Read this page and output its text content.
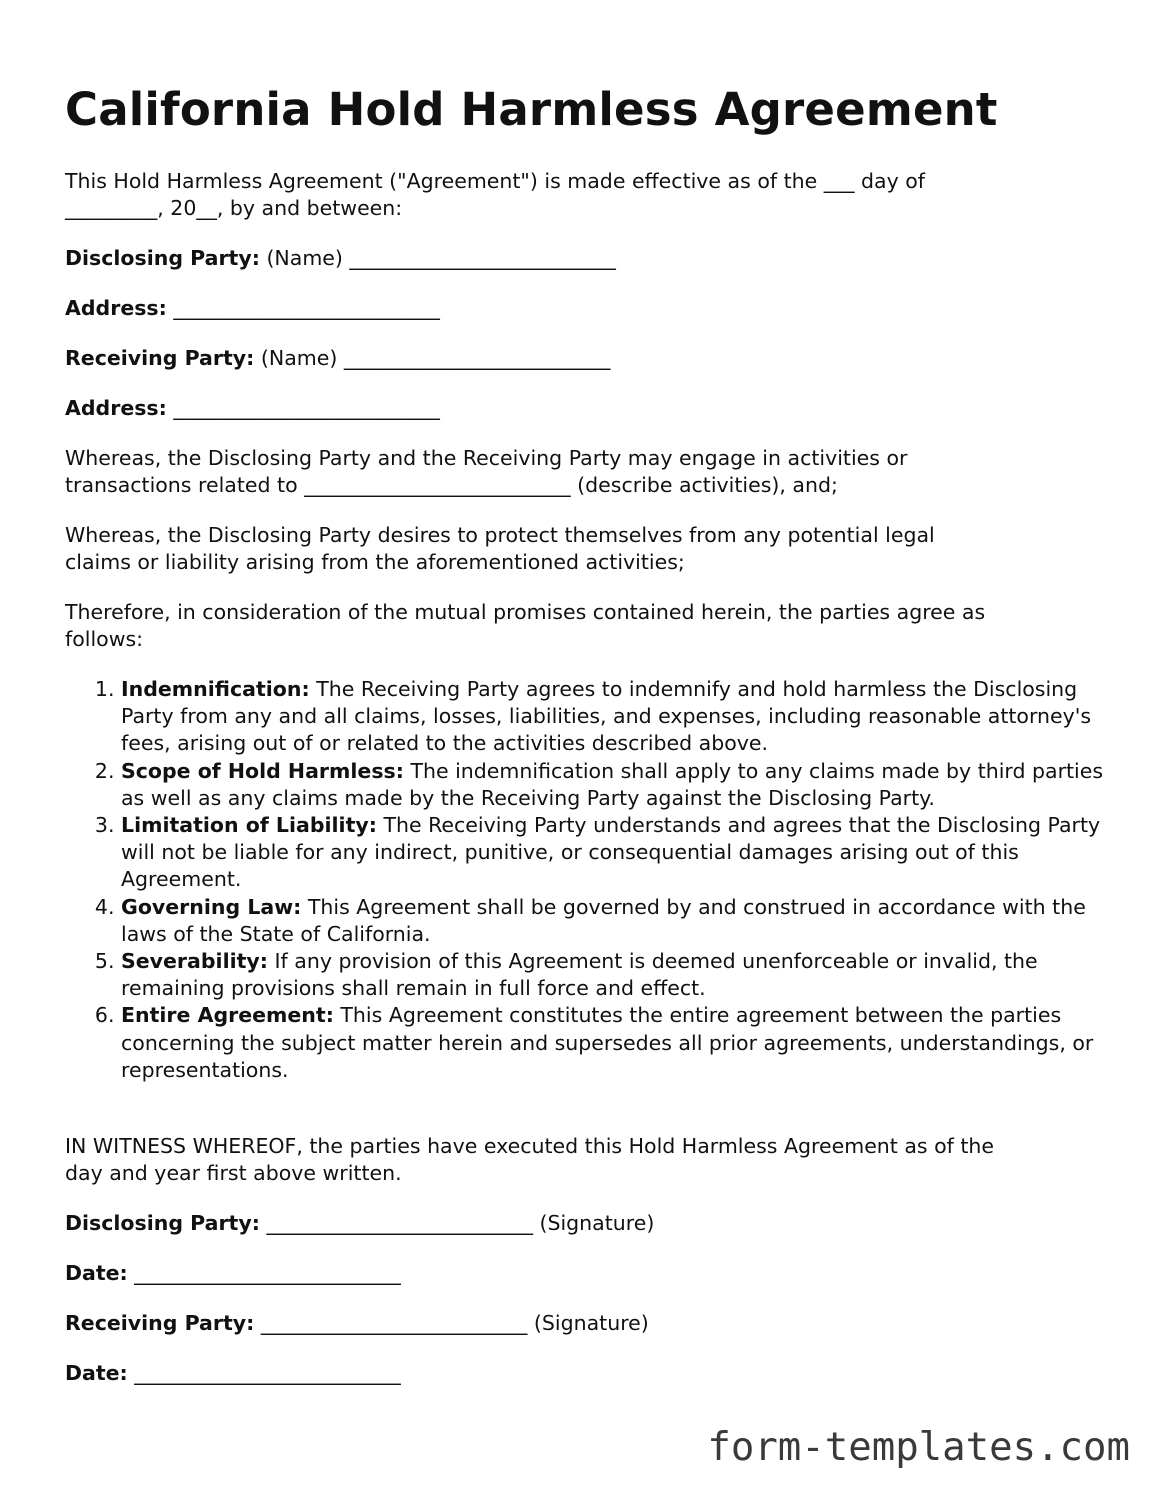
California Hold Harmless Agreement
This Hold Harmless Agreement ("Agreement") is made effective as of the ___ day of
_________, 20__, by and between:
Disclosing Party: (Name) __________________________
Address: __________________________
Receiving Party: (Name) __________________________
Address: __________________________
Whereas, the Disclosing Party and the Receiving Party may engage in activities or
transactions related to __________________________ (describe activities), and;
Whereas, the Disclosing Party desires to protect themselves from any potential legal
claims or liability arising from the aforementioned activities;
Therefore, in consideration of the mutual promises contained herein, the parties agree as
follows:
1. Indemnification: The Receiving Party agrees to indemnify and hold harmless the Disclosing Party from any and all claims, losses, liabilities, and expenses, including reasonable attorney's fees, arising out of or related to the activities described above.
2. Scope of Hold Harmless: The indemnification shall apply to any claims made by third parties as well as any claims made by the Receiving Party against the Disclosing Party.
3. Limitation of Liability: The Receiving Party understands and agrees that the Disclosing Party will not be liable for any indirect, punitive, or consequential damages arising out of this Agreement.
4. Governing Law: This Agreement shall be governed by and construed in accordance with the laws of the State of California.
5. Severability: If any provision of this Agreement is deemed unenforceable or invalid, the remaining provisions shall remain in full force and effect.
6. Entire Agreement: This Agreement constitutes the entire agreement between the parties concerning the subject matter herein and supersedes all prior agreements, understandings, or representations.
IN WITNESS WHEREOF, the parties have executed this Hold Harmless Agreement as of the
day and year first above written.
Disclosing Party: __________________________ (Signature)
Date: __________________________
Receiving Party: __________________________ (Signature)
Date: __________________________
form-templates.com
